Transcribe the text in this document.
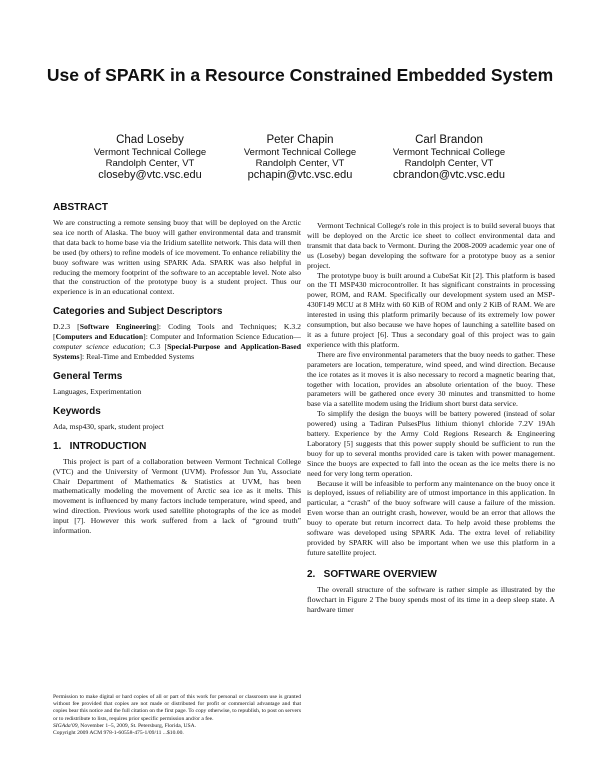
Use of SPARK in a Resource Constrained Embedded System
Chad Loseby
Vermont Technical College
Randolph Center, VT
closeby@vtc.vsc.edu
Peter Chapin
Vermont Technical College
Randolph Center, VT
pchapin@vtc.vsc.edu
Carl Brandon
Vermont Technical College
Randolph Center, VT
cbrandon@vtc.vsc.edu
ABSTRACT

We are constructing a remote sensing buoy that will be deployed on the Arctic sea ice north of Alaska. The buoy will gather environmental data and transmit that data back to home base via the Iridium satellite network. This data will then be used (by others) to refine models of ice movement. To enhance reliability the buoy software was written using SPARK Ada. SPARK was also helpful in reducing the memory footprint of the software to an acceptable level. Note also that the construction of the prototype buoy is a student project. Thus our experience is in an educational context.

Categories and Subject Descriptors

D.2.3 [Software Engineering]: Coding Tools and Techniques; K.3.2 [Computers and Education]: Computer and Information Science Education—computer science education; C.3 [Special-Purpose and Application-Based Systems]: Real-Time and Embedded Systems

General Terms

Languages, Experimentation

Keywords

Ada, msp430, spark, student project

1.   INTRODUCTION

This project is part of a collaboration between Vermont Technical College (VTC) and the University of Vermont (UVM). Professor Jun Yu, Associate Chair Department of Mathematics & Statistics at UVM, has been mathematically modeling the movement of Arctic sea ice as it melts. This movement is influenced by many factors include temperature, wind speed, and wind direction. Previous work used satellite photographs of the ice as model input [7]. However this work suffered from a lack of “ground truth” information.

Permission to make digital or hard copies of all or part of this work for personal or classroom use is granted without fee provided that copies are not made or distributed for profit or commercial advantage and that copies bear this notice and the full citation on the first page. To copy otherwise, to republish, to post on servers or to redistribute to lists, requires prior specific permission and/or a fee.

SIGAda'09, November 1–5, 2009, St. Petersburg, Florida, USA.

Copyright 2009 ACM 978-1-60558-475-1/09/11 ...$10.00.

Vermont Technical College's role in this project is to build several buoys that will be deployed on the Arctic ice sheet to collect environmental data and transmit that data back to Vermont. During the 2008-2009 academic year one of us (Loseby) began developing the software for a prototype buoy as a senior project.

The prototype buoy is built around a CubeSat Kit [2]. This platform is based on the TI MSP430 microcontroller. It has significant constraints in processing power, ROM, and RAM. Specifically our development system used an MSP-430F149 MCU at 8 MHz with 60 KiB of ROM and only 2 KiB of RAM. We are interested in using this platform primarily because of its extremely low power consumption, but also because we have hopes of launching a satellite based on it as a future project [6]. Thus a secondary goal of this project was to gain experience with this platform.

There are five environmental parameters that the buoy needs to gather. These parameters are location, temperature, wind speed, and wind direction. Because the ice rotates as it moves it is also necessary to record a magnetic bearing that, together with location, provides an absolute orientation of the buoy. These parameters will be gathered once every 30 minutes and transmitted to home base via a satellite modem using the Iridium short burst data service.

To simplify the design the buoys will be battery powered (instead of solar powered) using a Tadiran PulsesPlus lithium thionyl chloride 7.2V 19Ah battery. Experience by the Army Cold Regions Research & Engineering Laboratory [5] suggests that this power supply should be sufficient to run the buoy for up to several months provided care is taken with power management. Since the buoys are expected to fall into the ocean as the ice melts there is no need for very long term operation.

Because it will be infeasible to perform any maintenance on the buoy once it is deployed, issues of reliability are of utmost importance in this application. In particular, a “crash” of the buoy software will cause a failure of the mission. Even worse than an outright crash, however, would be an error that allows the buoy to operate but return incorrect data. To help avoid these problems the software was developed using SPARK Ada. The extra level of reliability provided by SPARK will also be important when we use this platform in a future satellite project.

2.   SOFTWARE OVERVIEW

The overall structure of the software is rather simple as illustrated by the flowchart in Figure 2 The buoy spends most of its time in a deep sleep state. A hardware timer
